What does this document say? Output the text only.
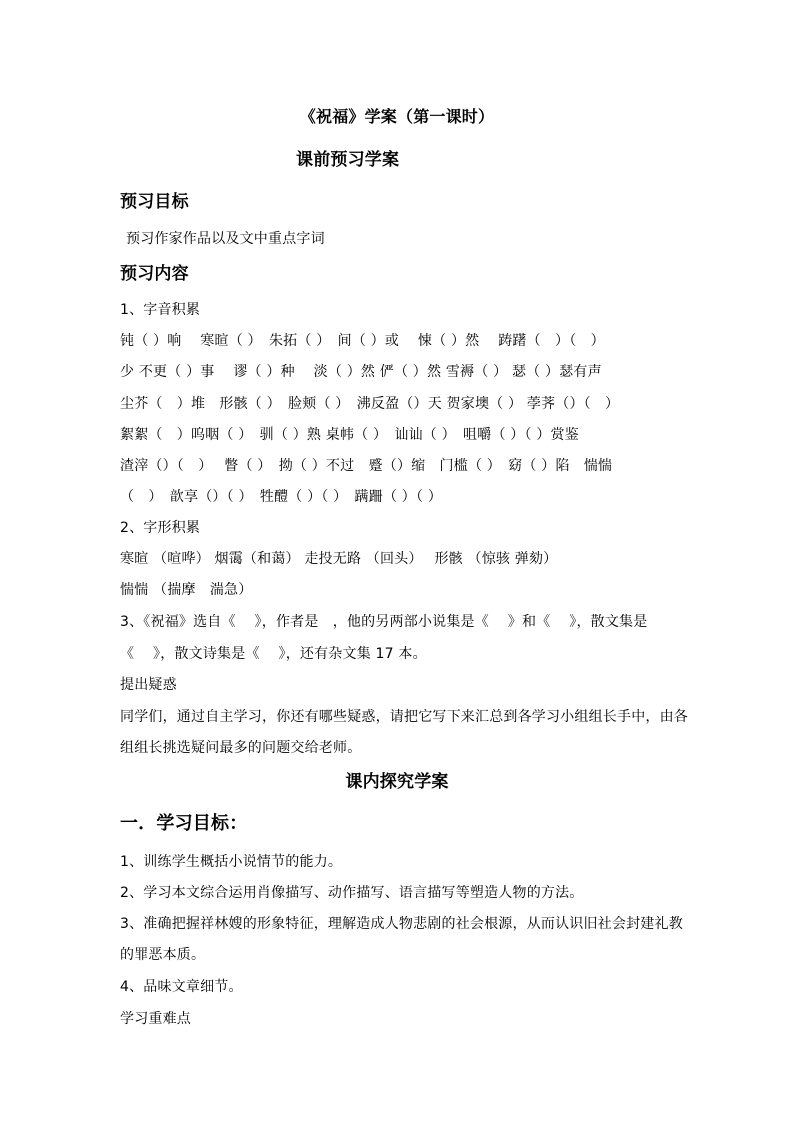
《祝福》学案（第一课时）
课前预习学案
预习目标
预习作家作品以及文中重点字词
预习内容
1、字音积累
钝（ ）响　 寒暄（ ）　朱拓（ ）　间（ ）或　 悚（ ）然　 踌躇（　）（　）
少 不更（ ）事　 谬（ ）种　 淡（ ）然 俨（ ）然 雪褥（ ） 瑟（ ）瑟有声
尘芥（　）堆　形骸（ ）　脸颊（ ）　沸反盈（）天 贺家墺（ ） 荸荠（）（　）
絮絮（　）呜咽（ ）　驯（ ）熟 桌帏（ ）　讪讪（ ）　咀嚼（ ）（ ）赏鉴
渣滓（）（　）　 瞥（ ）　拗（ ）不过　蹙（）缩　门槛（ ）　窈（ ）陷　惴惴
（　）　歆享（）（ ）　牲醴（ ）（ ）　蹒跚（ ）（ ）
2、字形积累
寒暄 （喧哗） 烟霭（和蔼） 走投无路 （回头）　 形骸 （惊骇 弹劾）
惴惴 （揣摩　湍急）
3、《祝福》选自《　 》，作者是　，他的另两部小说集是《　 》和《　 》，散文集是
《　 》，散文诗集是《　 》，还有杂文集 17 本。
提出疑惑
同学们，通过自主学习，你还有哪些疑惑，请把它写下来汇总到各学习小组组长手中，由各
组组长挑选疑问最多的问题交给老师。
课内探究学案
一．学习目标：
1、训练学生概括小说情节的能力。
2、学习本文综合运用肖像描写、动作描写、语言描写等塑造人物的方法。
3、准确把握祥林嫂的形象特征，理解造成人物悲剧的社会根源，从而认识旧社会封建礼教
的罪恶本质。
4、品味文章细节。
学习重难点
